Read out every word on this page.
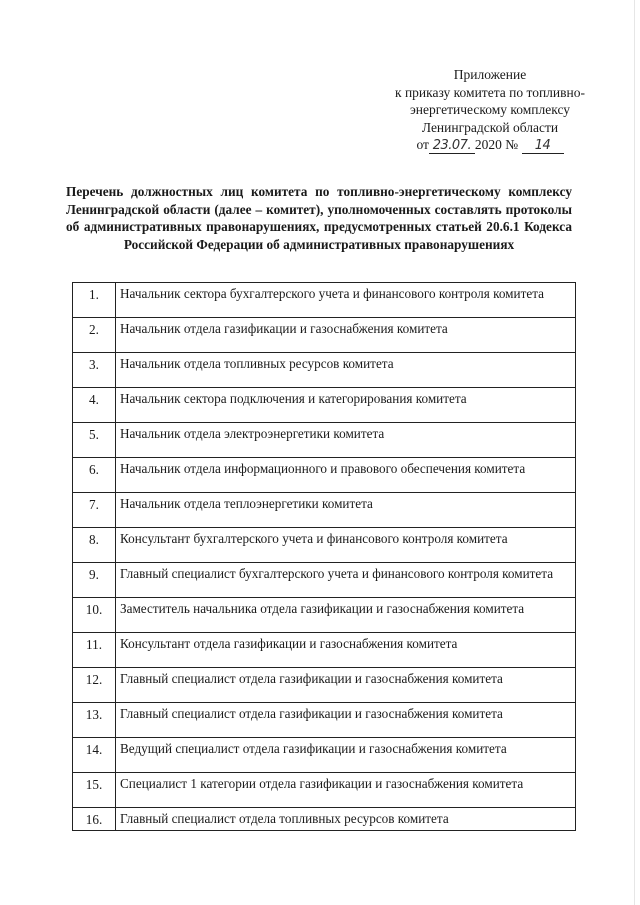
Приложение
к приказу комитета по топливно-
энергетическому комплексу
Ленинградской области
от 23.07. 2020 № 14
Перечень должностных лиц комитета по топливно-энергетическому комплексу Ленинградской области (далее – комитет), уполномоченных составлять протоколы об административных правонарушениях, предусмотренных статьей 20.6.1 Кодекса Российской Федерации об административных правонарушениях
1.	Начальник сектора бухгалтерского учета и финансового контроля комитета
2.	Начальник отдела газификации и газоснабжения комитета
3.	Начальник отдела топливных ресурсов комитета
4.	Начальник сектора подключения и категорирования комитета
5.	Начальник отдела электроэнергетики комитета
6.	Начальник отдела информационного и правового обеспечения комитета
7.	Начальник отдела теплоэнергетики комитета
8.	Консультант бухгалтерского учета и финансового контроля комитета
9.	Главный специалист бухгалтерского учета и финансового контроля комитета
10.	Заместитель начальника отдела газификации и газоснабжения комитета
11.	Консультант отдела газификации и газоснабжения комитета
12.	Главный специалист отдела газификации и газоснабжения комитета
13.	Главный специалист отдела газификации и газоснабжения комитета
14.	Ведущий специалист отдела газификации и газоснабжения комитета
15.	Специалист 1 категории отдела газификации и газоснабжения комитета
16.	Главный специалист отдела топливных ресурсов комитета
